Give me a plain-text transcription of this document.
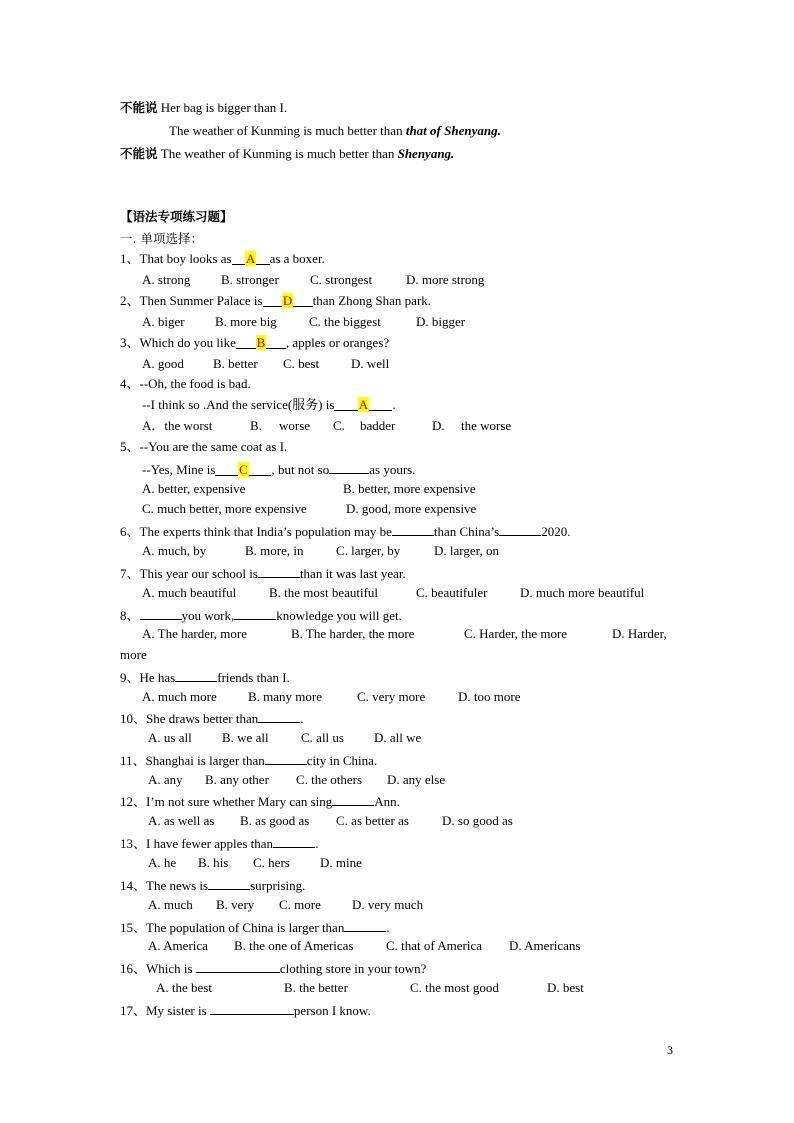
不能说 Her bag is bigger than I.
The weather of Kunming is much better than that of Shenyang.
不能说 The weather of Kunming is much better than Shenyang.
【语法专项练习题】
一. 单项选择：
1、That boy looks as A as a boxer.
A. strong B. stronger C. strongest	D. more strong
2、Then Summer Palace is D than Zhong Shan park.
A. biger B. more big C. the biggest	D. bigger
3、Which do you like B , apples or oranges?
A. good B. better C. best D. well
4、--Oh, the food is bad.
--I think so .And the service(服务) is A .
A．the worst	B. worse C. badder	D. the worse
5、--You are the same coat as I.
--Yes, Mine is C , but not so	as yours.
A. better, expensive	B. better, more expensive
C. much better, more expensive	D. good, more expensive
6、The experts think that India’s population may be	than China’s	2020.
A. much, by	B. more, in	C. larger, by	D. larger, on
7、This year our school is	than it was last year.
A. much beautiful	B. the most beautiful	C. beautifuler	D. much more beautiful
8、	you work,	knowledge you will get.
A. The harder, more	B. The harder, the more	C. Harder, the more	D. Harder,
more
9、He has	friends than I.
A. much more B. many more	C. very more	D. too more
10、She draws better than	.
A. us all B. we all C. all us D. all we
11、Shanghai is larger than	city in China.
A. any B. any other C. the others D. any else
12、I’m not sure whether Mary can sing	Ann.
A. as well as B. as good as C. as better as	D. so good as
13、I have fewer apples than	.
A. he B. his C. hers D. mine
14、The news is	surprising.
A. much B. very C. more D. very much
15、The population of China is larger than	.
A. America B. the one of Americas	C. that of America D. Americans
16、Which is	clothing store in your town?
A. the best	B. the better	C. the most good	D. best
17、My sister is	person I know.
3
